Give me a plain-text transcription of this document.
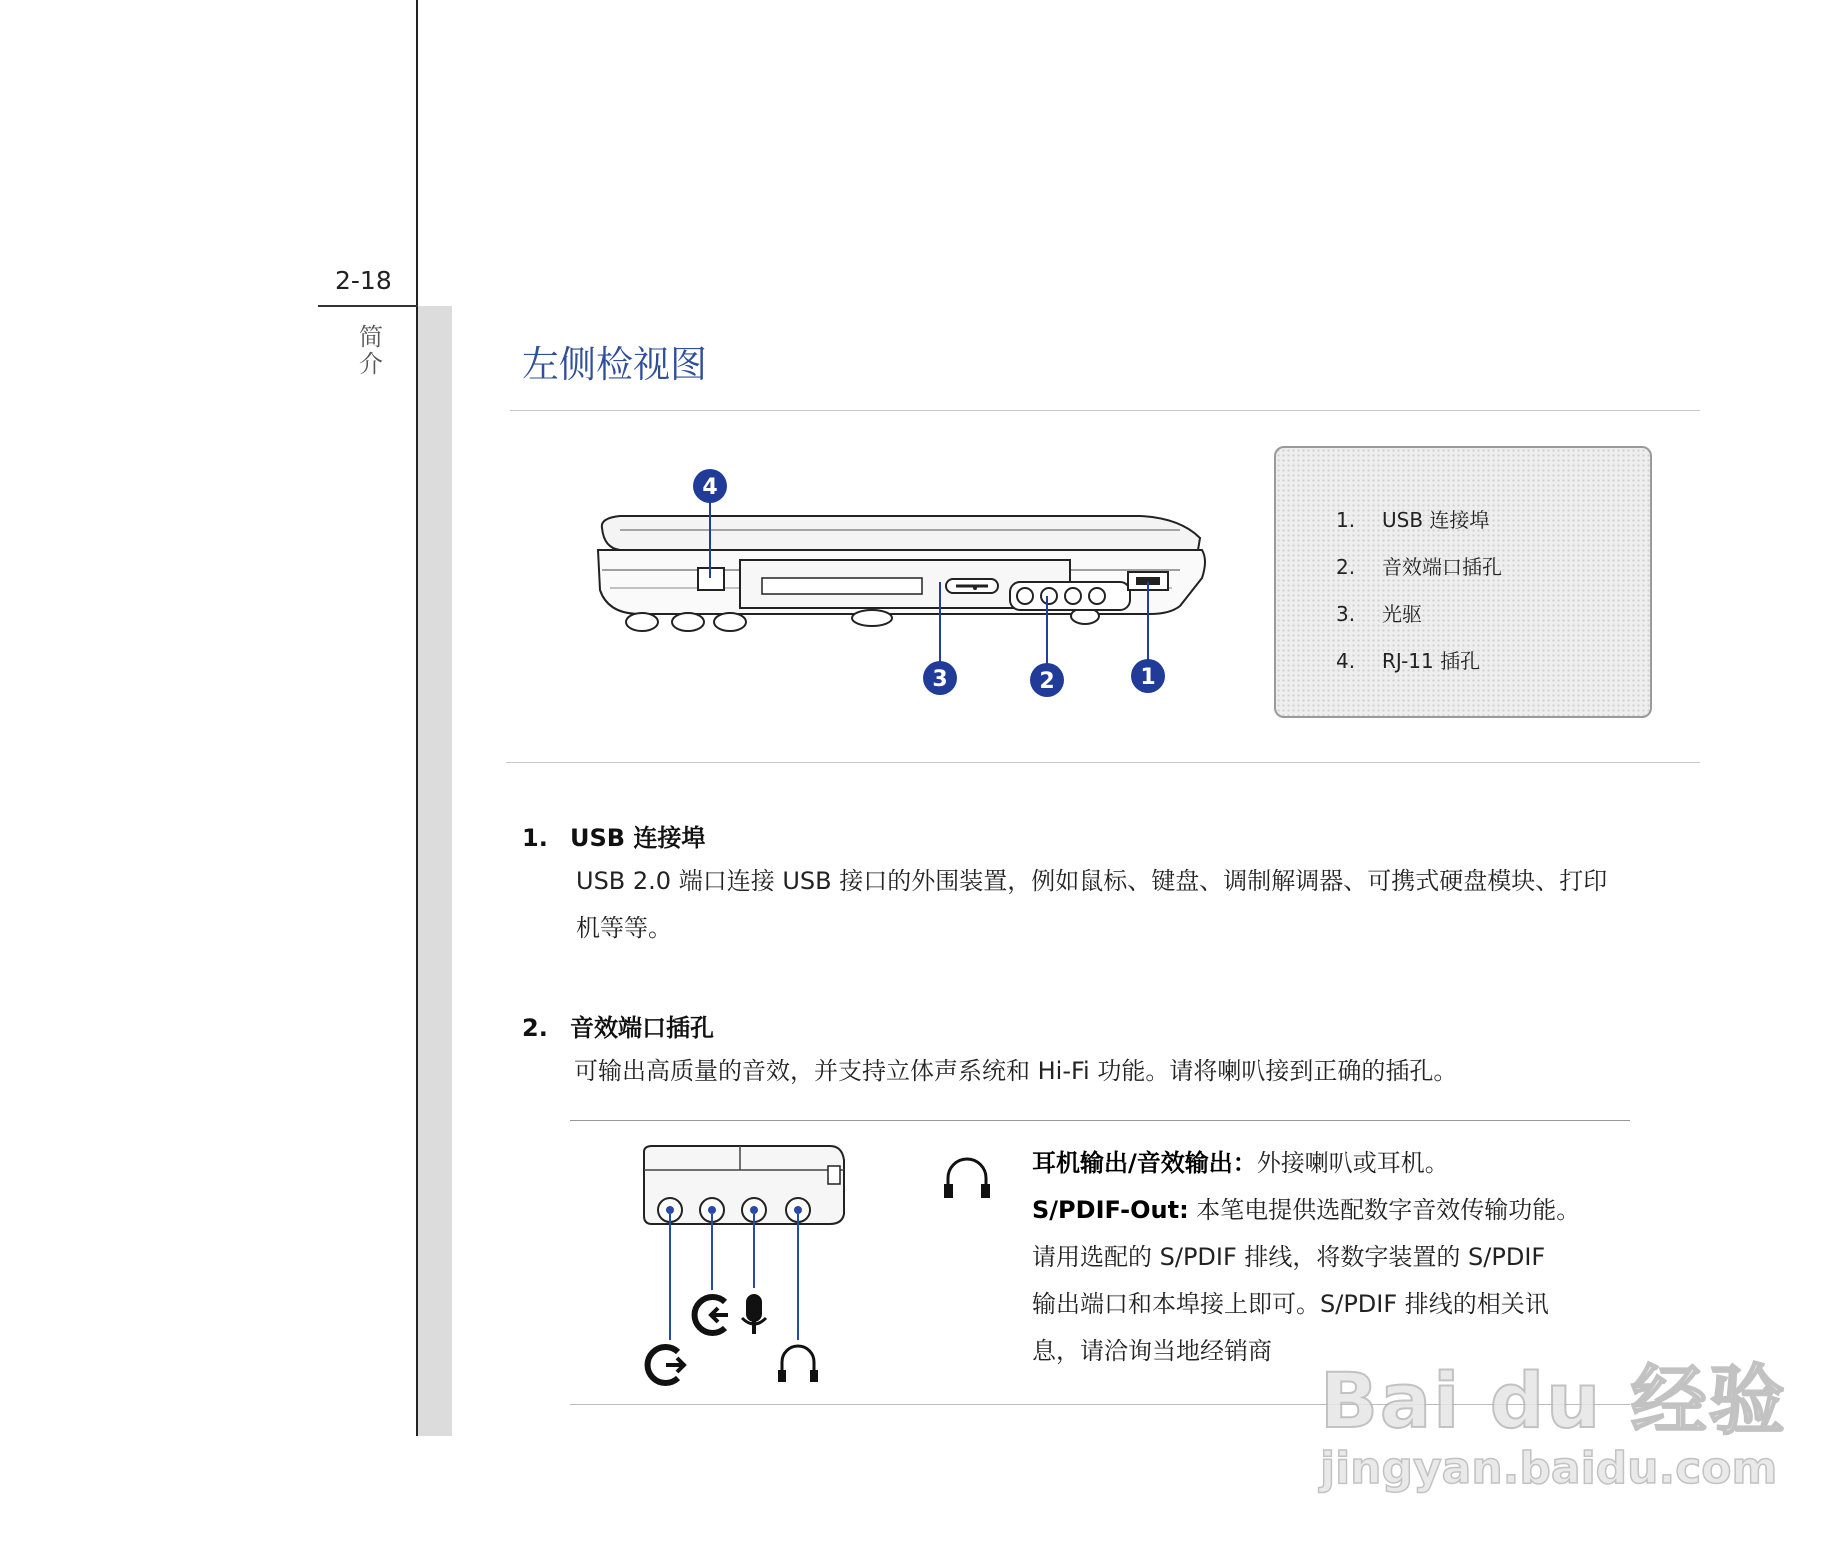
2-18
简
介	左侧检视图
4
3	2	1
1. USB 连接埠
2. 音效端口插孔
3. 光驱
4. RJ-11 插孔
1. USB 连接埠
USB 2.0 端口连接 USB 接口的外围装置，例如鼠标、键盘、调制解调器、可携式硬盘模块、打印
机等等。
2. 音效端口插孔
可输出高质量的音效，并支持立体声系统和 Hi-Fi 功能。请将喇叭接到正确的插孔。
耳机输出/音效输出：外接喇叭或耳机。
S/PDIF-Out: 本笔电提供选配数字音效传输功能。
请用选配的 S/PDIF 排线，将数字装置的 S/PDIF
输出端口和本埠接上即可。S/PDIF 排线的相关讯
息，请洽询当地经销商
Bai du 经验
jingyan.baidu.com
